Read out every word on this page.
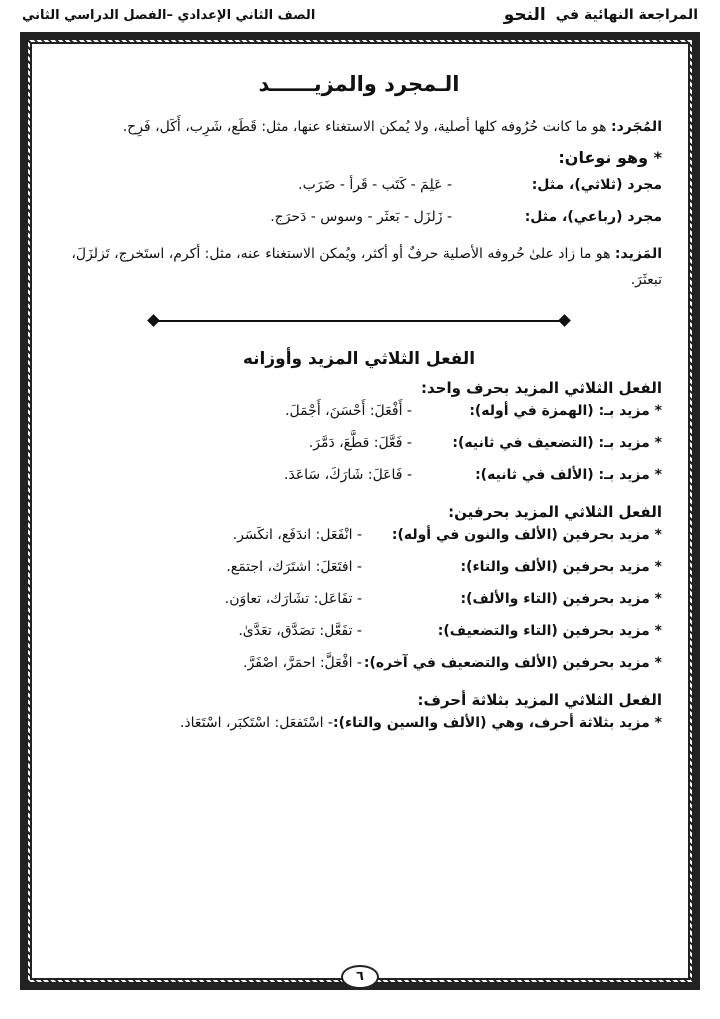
المراجعة النهائية في
النحو
الصف الثاني الإعدادي –الفصل الدراسي الثاني
الـمجرد والمزيــــــد

المُجَرد: هو ما كانت حُرُوفه كلها أصلية، ولا يُمكن الاستغناء عنها، مثل: قَطَع، شَرِب، أَكَل، فَرِح.

* وهو نوعان:
مجرد (ثلاثي)، مثل:
- عَلِمَ - كَتَب - قَرأ - ضَرَب.
مجرد (رباعي)، مثل:
- زَلزَل - بَعثَر - وسوس - دَحرَج.

المَزيد: هو ما زاد علىٰ حُروفه الأصلية حرفٌ أو أكثر، ويُمكن الاستغناء عنه، مثل: أكرم، استَخرج، تَزلزَلَ، تبعثَرَ.

الفعل الثلاثي المزيد وأوزانه
الفعل الثلاثي المزيد بحرف واحد:
* مزيد بـ: (الهمزة في أوله):
- أَفْعَلَ: أَحْسَنَ، أَجْمَلَ.
* مزيد بـ: (التضعيف في ثانيه):
- فَعَّلَ: قطَّعَ، دَمَّرَ.
* مزيد بـ: (الألف في ثانيه):
- فَاعَلَ: شَارَكَ، سَاعَدَ.
الفعل الثلاثي المزيد بحرفين:
* مزيد بحرفين (الألف والنون في أوله):
- انْفَعَل: اندَفَع، انكَسَر.
* مزيد بحرفين (الألف والتاء):
- افتَعَلَ: اشتَرَك، اجتمَع.
* مزيد بحرفين (التاء والألف):
- تفَاعَل: تشَارَك، تعاوَن.
* مزيد بحرفين (التاء والتضعيف):
- تفَعَّل: تصَدَّق، تعَدَّىٰ.
* مزيد بحرفين (الألف والتضعيف في آخره):
- افْعَلَّ: احمَرَّ، اصْفَرَّ.
الفعل الثلاثي المزيد بثلاثة أحرف:
* مزيد بثلاثة أحرف، وهي (الألف والسين والتاء):
- اسْتَفعَل: اسْتَكبَر، اسْتَعَاذ.
٦
